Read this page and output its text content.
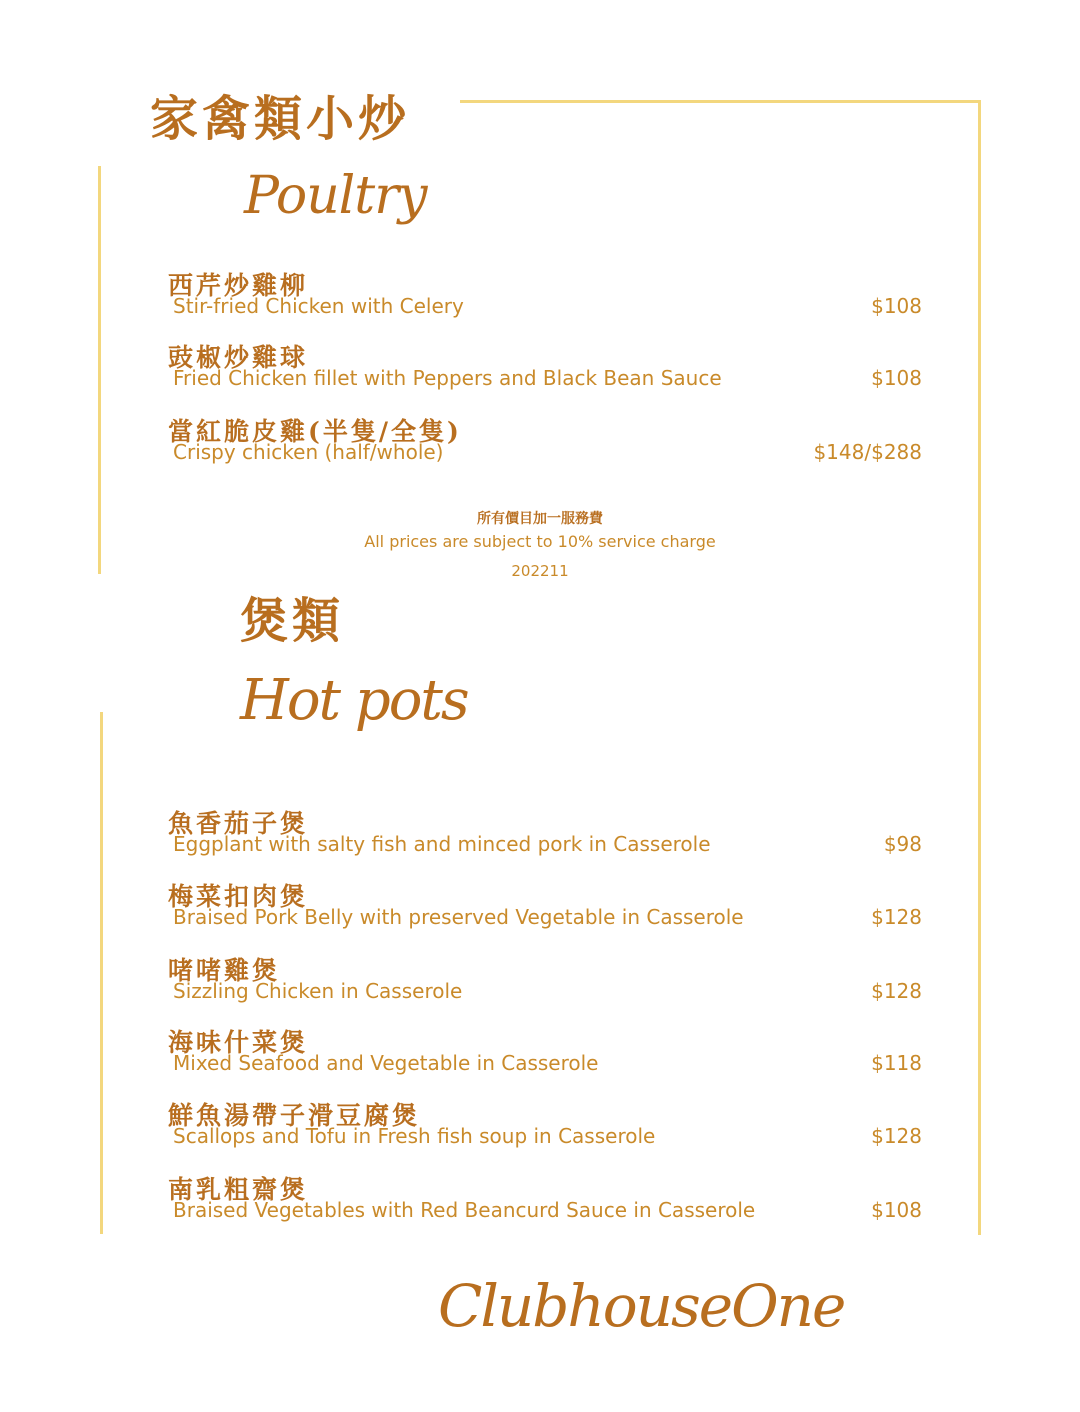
家禽類小炒
Poultry
西芹炒雞柳
Stir-fried Chicken with Celery	$108
豉椒炒雞球
Fried Chicken fillet with Peppers and Black Bean Sauce	$108
當紅脆皮雞(半隻/全隻)
Crispy chicken (half/whole)	$148/$288
所有價目加一服務費
All prices are subject to 10% service charge
202211
煲類
Hot pots
魚香茄子煲
Eggplant with salty fish and minced pork in Casserole	$98
梅菜扣肉煲
Braised Pork Belly with preserved Vegetable in Casserole	$128
啫啫雞煲
Sizzling Chicken in Casserole	$128
海味什菜煲
Mixed Seafood and Vegetable in Casserole	$118
鮮魚湯帶子滑豆腐煲
Scallops and Tofu in Fresh fish soup in Casserole	$128
南乳粗齋煲
Braised Vegetables with Red Beancurd Sauce in Casserole	$108
ClubhouseOne
